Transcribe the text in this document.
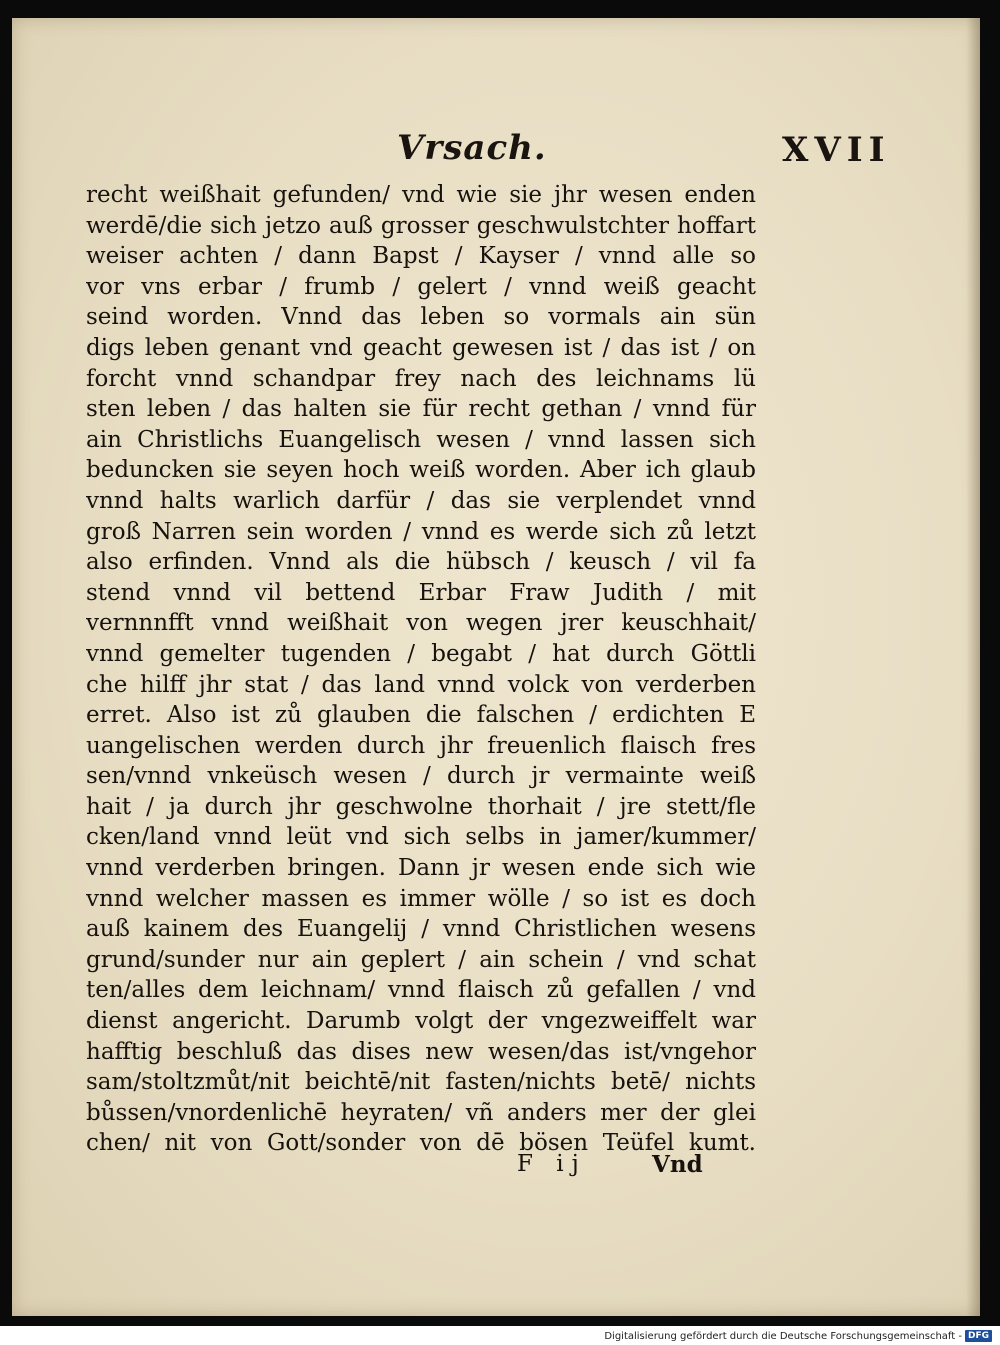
Vrsach.	XVII
recht weißhait gefunden/ vnd wie sie jhr wesen enden
werdē/die sich jetzo auß grosser geschwulstchter hoffart
weiser achten / dann Bapst / Kayser / vnnd alle so
vor vns erbar / frumb / gelert / vnnd weiß geacht
seind worden. Vnnd das leben so vormals ain sün
digs leben genant vnd geacht gewesen ist / das ist / on
forcht vnnd schandpar frey nach des leichnams lü
sten leben / das halten sie für recht gethan / vnnd für
ain Christlichs Euangelisch wesen / vnnd lassen sich
beduncken sie seyen hoch weiß worden. Aber ich glaub
vnnd halts warlich darfür / das sie verplendet vnnd
groß Narren sein worden / vnnd es werde sich zů letzt
also erfinden. Vnnd als die hübsch / keusch / vil fa
stend vnnd vil bettend Erbar Fraw Judith / mit
vernnnfft vnnd weißhait von wegen jrer keuschhait/
vnnd gemelter tugenden / begabt / hat durch Göttli
che hilff jhr stat / das land vnnd volck von verderben
erret. Also ist zů glauben die falschen / erdichten E
uangelischen werden durch jhr freuenlich flaisch fres
sen/vnnd vnkeüsch wesen / durch jr vermainte weiß
hait / ja durch jhr geschwolne thorhait / jre stett/fle
cken/land vnnd leüt vnd sich selbs in jamer/kummer/
vnnd verderben bringen. Dann jr wesen ende sich wie
vnnd welcher massen es immer wölle / so ist es doch
auß kainem des Euangelij / vnnd Christlichen wesens
grund/sunder nur ain geplert / ain schein / vnd schat
ten/alles dem leichnam/ vnnd flaisch zů gefallen / vnd
dienst angericht. Darumb volgt der vngezweiffelt war
hafftig beschluß das dises new wesen/das ist/vngehor
sam/stoltzmůt/nit beichtē/nit fasten/nichts betē/ nichts
bůssen/vnordenlichē heyraten/ vñ anders mer der glei
chen/ nit von Gott/sonder von dē bösen Teüfel kumt.
F ij	Vnd
Digitalisierung gefördert durch die Deutsche Forschungsgemeinschaft - DFG
